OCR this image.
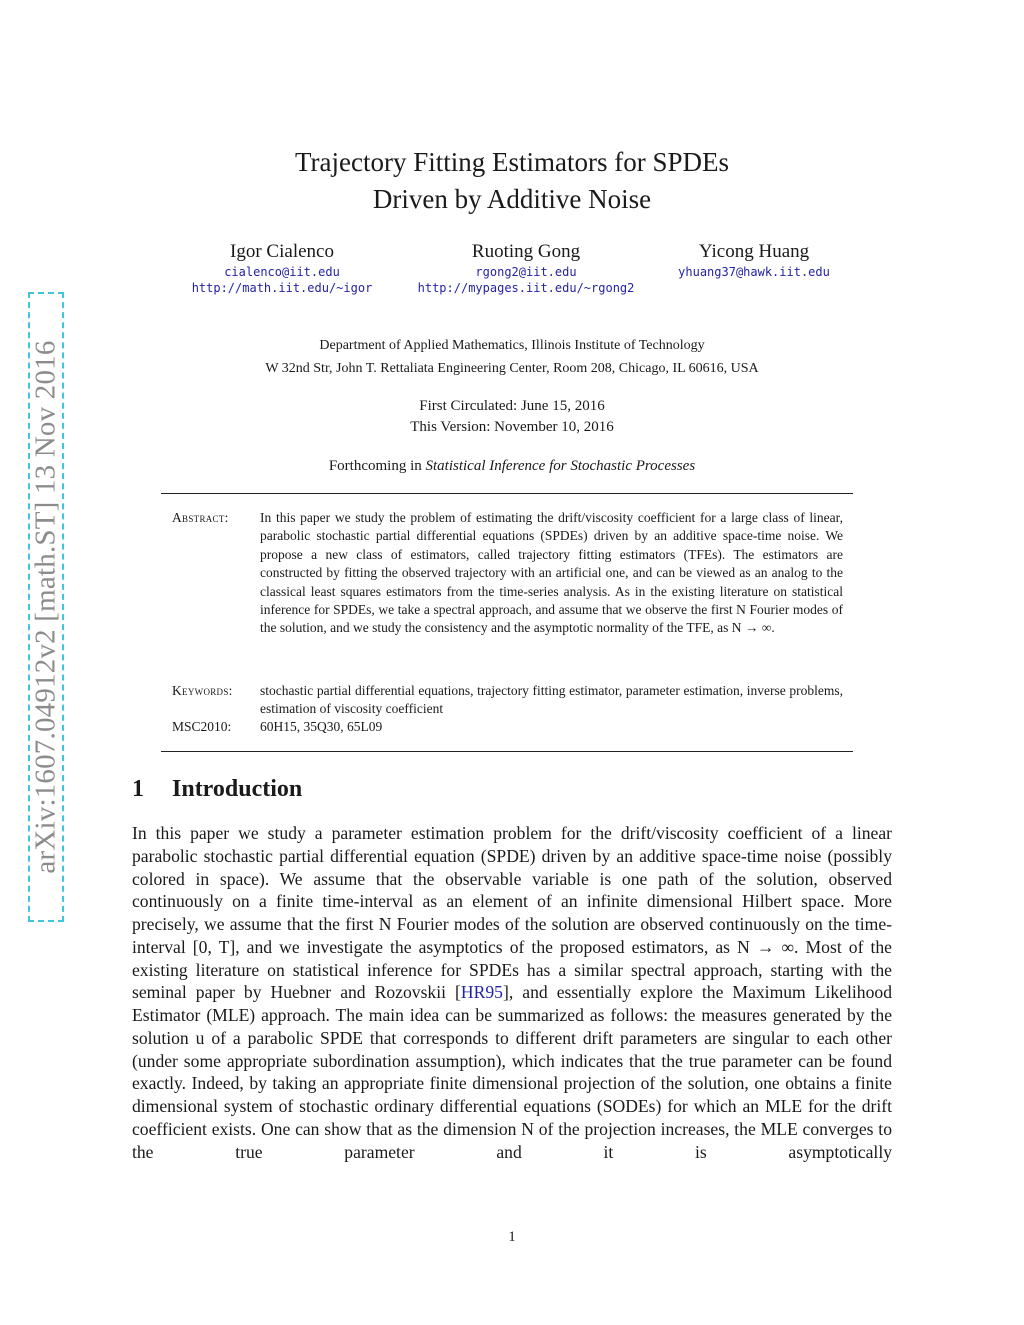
arXiv:1607.04912v2 [math.ST] 13 Nov 2016
Trajectory Fitting Estimators for SPDEs
Driven by Additive Noise
Igor Cialenco
cialenco@iit.edu
http://math.iit.edu/~igor
Ruoting Gong
rgong2@iit.edu
http://mypages.iit.edu/~rgong2
Yicong Huang
yhuang37@hawk.iit.edu
Department of Applied Mathematics, Illinois Institute of Technology
W 32nd Str, John T. Rettaliata Engineering Center, Room 208, Chicago, IL 60616, USA
First Circulated: June 15, 2016
This Version: November 10, 2016
Forthcoming in Statistical Inference for Stochastic Processes
Abstract:	In this paper we study the problem of estimating the drift/viscosity coefficient for a large class of linear, parabolic stochastic partial differential equations (SPDEs) driven by an additive space-time noise. We propose a new class of estimators, called trajectory fitting estimators (TFEs). The estimators are constructed by fitting the observed trajectory with an artificial one, and can be viewed as an analog to the classical least squares estimators from the time-series analysis. As in the existing literature on statistical inference for SPDEs, we take a spectral approach, and assume that we observe the first N Fourier modes of the solution, and we study the consistency and the asymptotic normality of the TFE, as N → ∞.
Keywords:	stochastic partial differential equations, trajectory fitting estimator, parameter estimation, inverse problems, estimation of viscosity coefficient
MSC2010:	60H15, 35Q30, 65L09
1 Introduction

In this paper we study a parameter estimation problem for the drift/viscosity coefficient of a linear parabolic stochastic partial differential equation (SPDE) driven by an additive space-time noise (possibly colored in space). We assume that the observable variable is one path of the solution, observed continuously on a finite time-interval as an element of an infinite dimensional Hilbert space. More precisely, we assume that the first N Fourier modes of the solution are observed continuously on the time-interval [0, T], and we investigate the asymptotics of the proposed estimators, as N → ∞. Most of the existing literature on statistical inference for SPDEs has a similar spectral approach, starting with the seminal paper by Huebner and Rozovskii [HR95], and essentially explore the Maximum Likelihood Estimator (MLE) approach. The main idea can be summarized as follows: the measures generated by the solution u of a parabolic SPDE that corresponds to different drift parameters are singular to each other (under some appropriate subordination assumption), which indicates that the true parameter can be found exactly. Indeed, by taking an appropriate finite dimensional projection of the solution, one obtains a finite dimensional system of stochastic ordinary differential equations (SODEs) for which an MLE for the drift coefficient exists. One can show that as the dimension N of the projection increases, the MLE converges to the true parameter and it is asymptotically

1
